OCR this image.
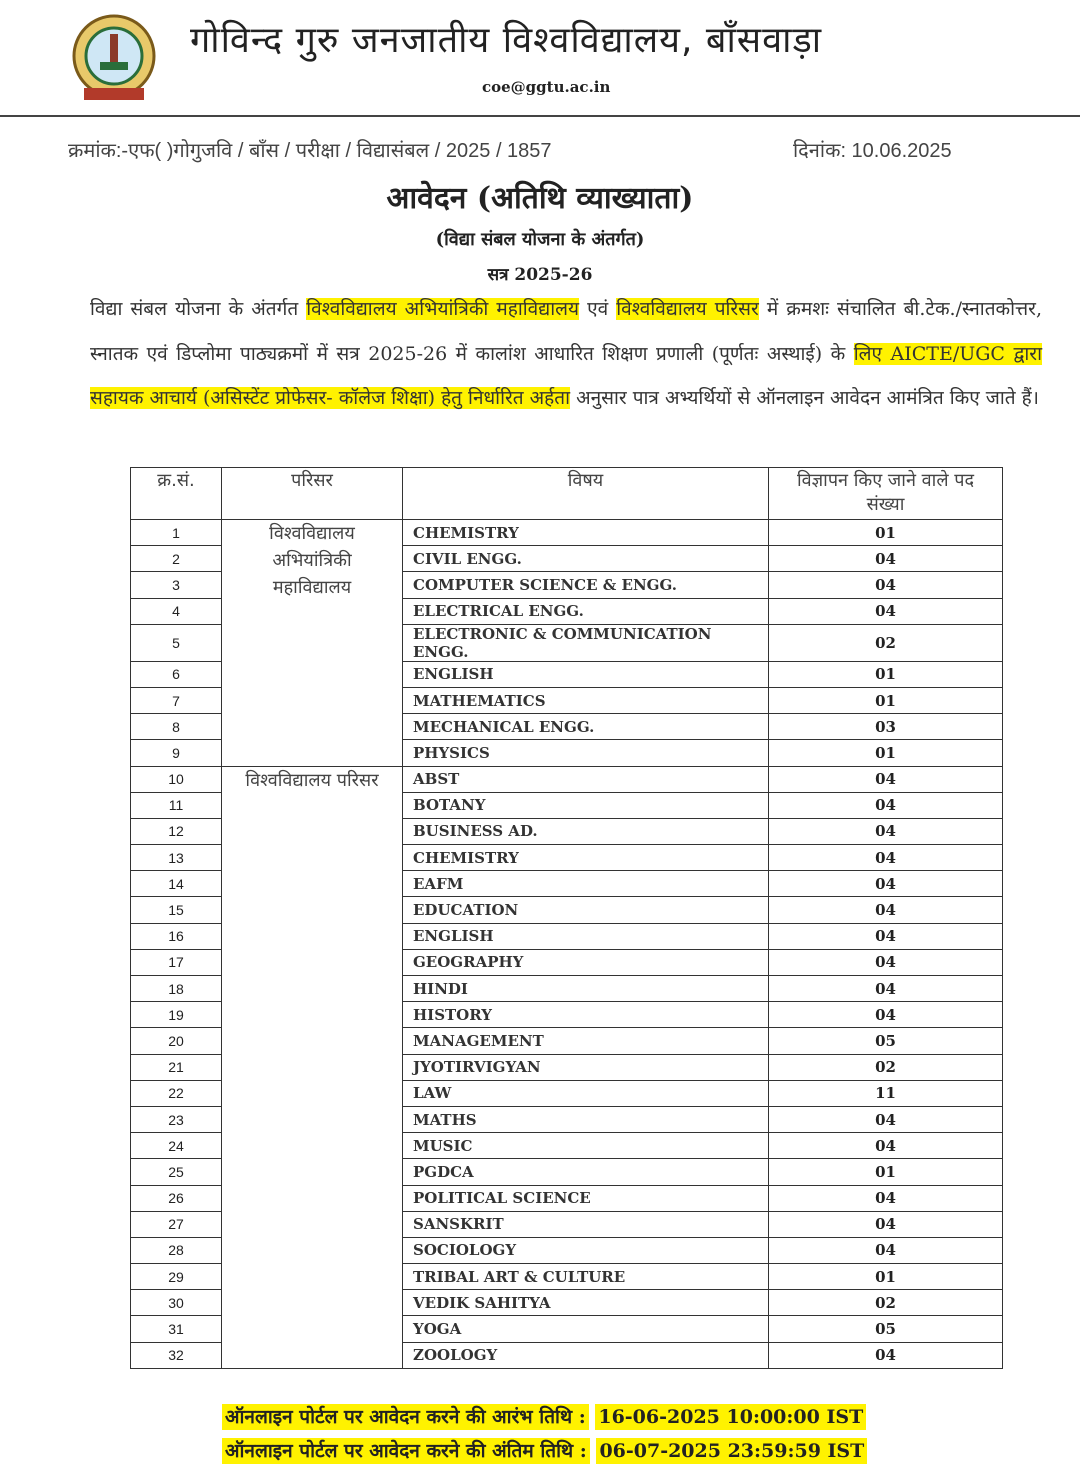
गोविन्द गुरु जनजातीय विश्वविद्यालय, बाँसवाड़ा
coe@ggtu.ac.in
क्रमांक:-एफ( )गोगुजवि / बाँस / परीक्षा / विद्यासंबल / 2025 / 1857	दिनांक: 10.06.2025
आवेदन (अतिथि व्याख्याता)
(विद्या संबल योजना के अंतर्गत)
सत्र 2025-26
विद्या संबल योजना के अंतर्गत विश्वविद्यालय अभियांत्रिकी महाविद्यालय एवं विश्वविद्यालय परिसर में क्रमशः संचालित बी.टेक./स्नातकोत्तर, स्नातक एवं डिप्लोमा पाठ्यक्रमों में सत्र 2025-26 में कालांश आधारित शिक्षण प्रणाली (पूर्णतः अस्थाई) के लिए AICTE/UGC द्वारा सहायक आचार्य (असिस्टेंट प्रोफेसर- कॉलेज शिक्षा) हेतु निर्धारित अर्हता अनुसार पात्र अभ्यर्थियों से ऑनलाइन आवेदन आमंत्रित किए जाते हैं।
क्र.सं.	परिसर	विषय	विज्ञापन किए जाने वाले पद संख्या
1	विश्वविद्यालय अभियांत्रिकी महाविद्यालय	CHEMISTRY	01
2		CIVIL ENGG.	04
3		COMPUTER SCIENCE & ENGG.	04
4		ELECTRICAL ENGG.	04
5		ELECTRONIC & COMMUNICATION ENGG.	02
6		ENGLISH	01
7		MATHEMATICS	01
8		MECHANICAL ENGG.	03
9		PHYSICS	01
10	विश्वविद्यालय परिसर	ABST	04
11		BOTANY	04
12		BUSINESS AD.	04
13		CHEMISTRY	04
14		EAFM	04
15		EDUCATION	04
16		ENGLISH	04
17		GEOGRAPHY	04
18		HINDI	04
19		HISTORY	04
20		MANAGEMENT	05
21		JYOTIRVIGYAN	02
22		LAW	11
23		MATHS	04
24		MUSIC	04
25		PGDCA	01
26		POLITICAL SCIENCE	04
27		SANSKRIT	04
28		SOCIOLOGY	04
29		TRIBAL ART & CULTURE	01
30		VEDIK SAHITYA	02
31		YOGA	05
32		ZOOLOGY	04
ऑनलाइन पोर्टल पर आवेदन करने की आरंभ तिथि : 16-06-2025 10:00:00 IST
ऑनलाइन पोर्टल पर आवेदन करने की अंतिम तिथि : 06-07-2025 23:59:59 IST
